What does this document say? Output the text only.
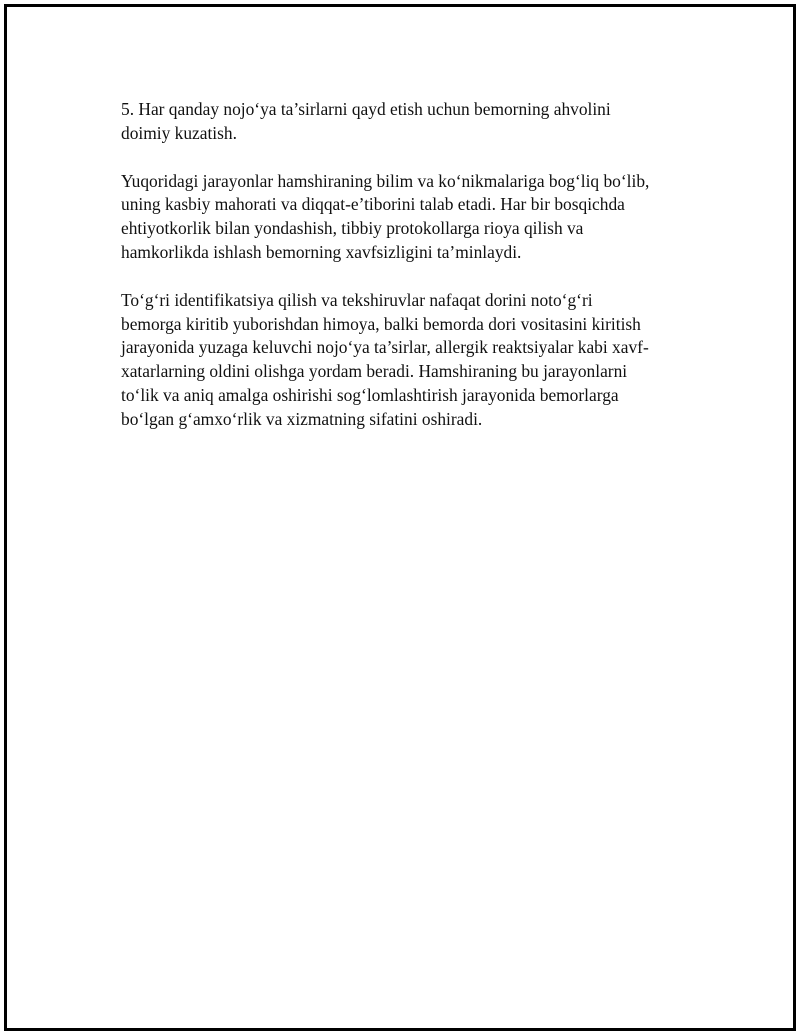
5. Har qanday nojo‘ya ta’sirlarni qayd etish uchun bemorning ahvolini
doimiy kuzatish.

Yuqoridagi jarayonlar hamshiraning bilim va ko‘nikmalariga bog‘liq bo‘lib,
uning kasbiy mahorati va diqqat-e’tiborini talab etadi. Har bir bosqichda
ehtiyotkorlik bilan yondashish, tibbiy protokollarga rioya qilish va
hamkorlikda ishlash bemorning xavfsizligini ta’minlaydi.

To‘g‘ri identifikatsiya qilish va tekshiruvlar nafaqat dorini noto‘g‘ri
bemorga kiritib yuborishdan himoya, balki bemorda dori vositasini kiritish
jarayonida yuzaga keluvchi nojo‘ya ta’sirlar, allergik reaktsiyalar kabi xavf-
xatarlarning oldini olishga yordam beradi. Hamshiraning bu jarayonlarni
to‘lik va aniq amalga oshirishi sog‘lomlashtirish jarayonida bemorlarga
bo‘lgan g‘amxo‘rlik va xizmatning sifatini oshiradi.
